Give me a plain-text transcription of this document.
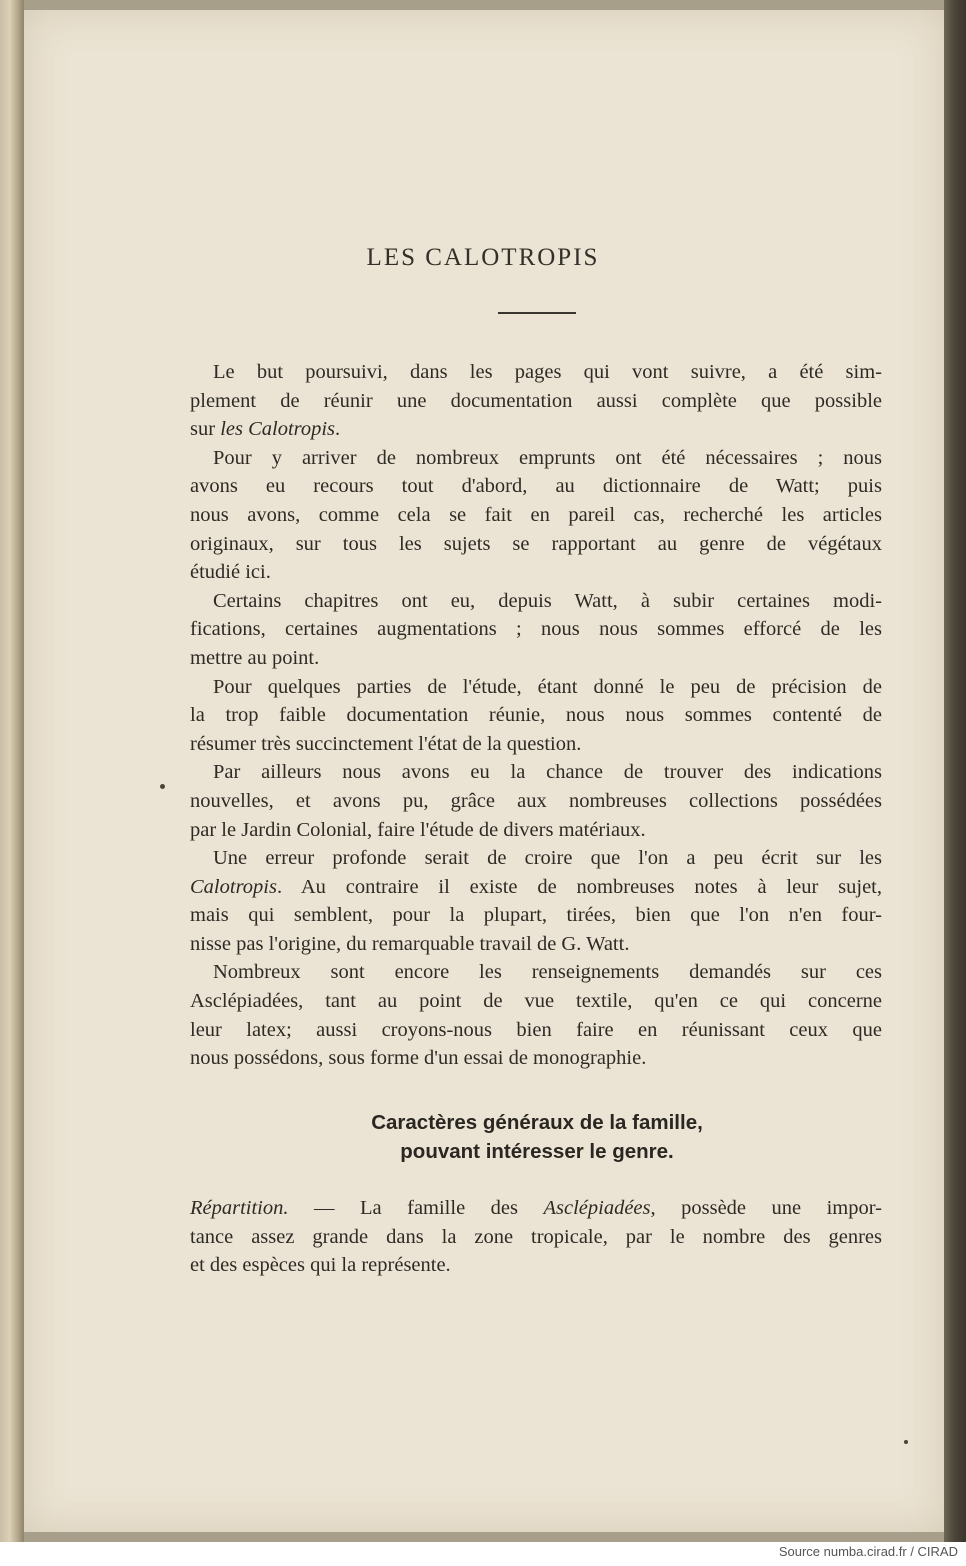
LES CALOTROPIS

Le but poursuivi, dans les pages qui vont suivre, a été sim-
plement de réunir une documentation aussi complète que possible
sur les Calotropis.

Pour y arriver de nombreux emprunts ont été nécessaires ; nous
avons eu recours tout d'abord, au dictionnaire de Watt; puis
nous avons, comme cela se fait en pareil cas, recherché les articles
originaux, sur tous les sujets se rapportant au genre de végétaux
étudié ici.

Certains chapitres ont eu, depuis Watt, à subir certaines modi-
fications, certaines augmentations ; nous nous sommes efforcé de les
mettre au point.

Pour quelques parties de l'étude, étant donné le peu de précision de
la trop faible documentation réunie, nous nous sommes contenté de
résumer très succinctement l'état de la question.

Par ailleurs nous avons eu la chance de trouver des indications
nouvelles, et avons pu, grâce aux nombreuses collections possédées
par le Jardin Colonial, faire l'étude de divers matériaux.

Une erreur profonde serait de croire que l'on a peu écrit sur les
Calotropis. Au contraire il existe de nombreuses notes à leur sujet,
mais qui semblent, pour la plupart, tirées, bien que l'on n'en four-
nisse pas l'origine, du remarquable travail de G. Watt.

Nombreux sont encore les renseignements demandés sur ces
Asclépiadées, tant au point de vue textile, qu'en ce qui concerne
leur latex; aussi croyons-nous bien faire en réunissant ceux que
nous possédons, sous forme d'un essai de monographie.

Caractères généraux de la famille,
pouvant intéresser le genre.
Répartition. — La famille des Asclépiadées, possède une impor-
tance assez grande dans la zone tropicale, par le nombre des genres
et des espèces qui la représente.
Source numba.cirad.fr / CIRAD
